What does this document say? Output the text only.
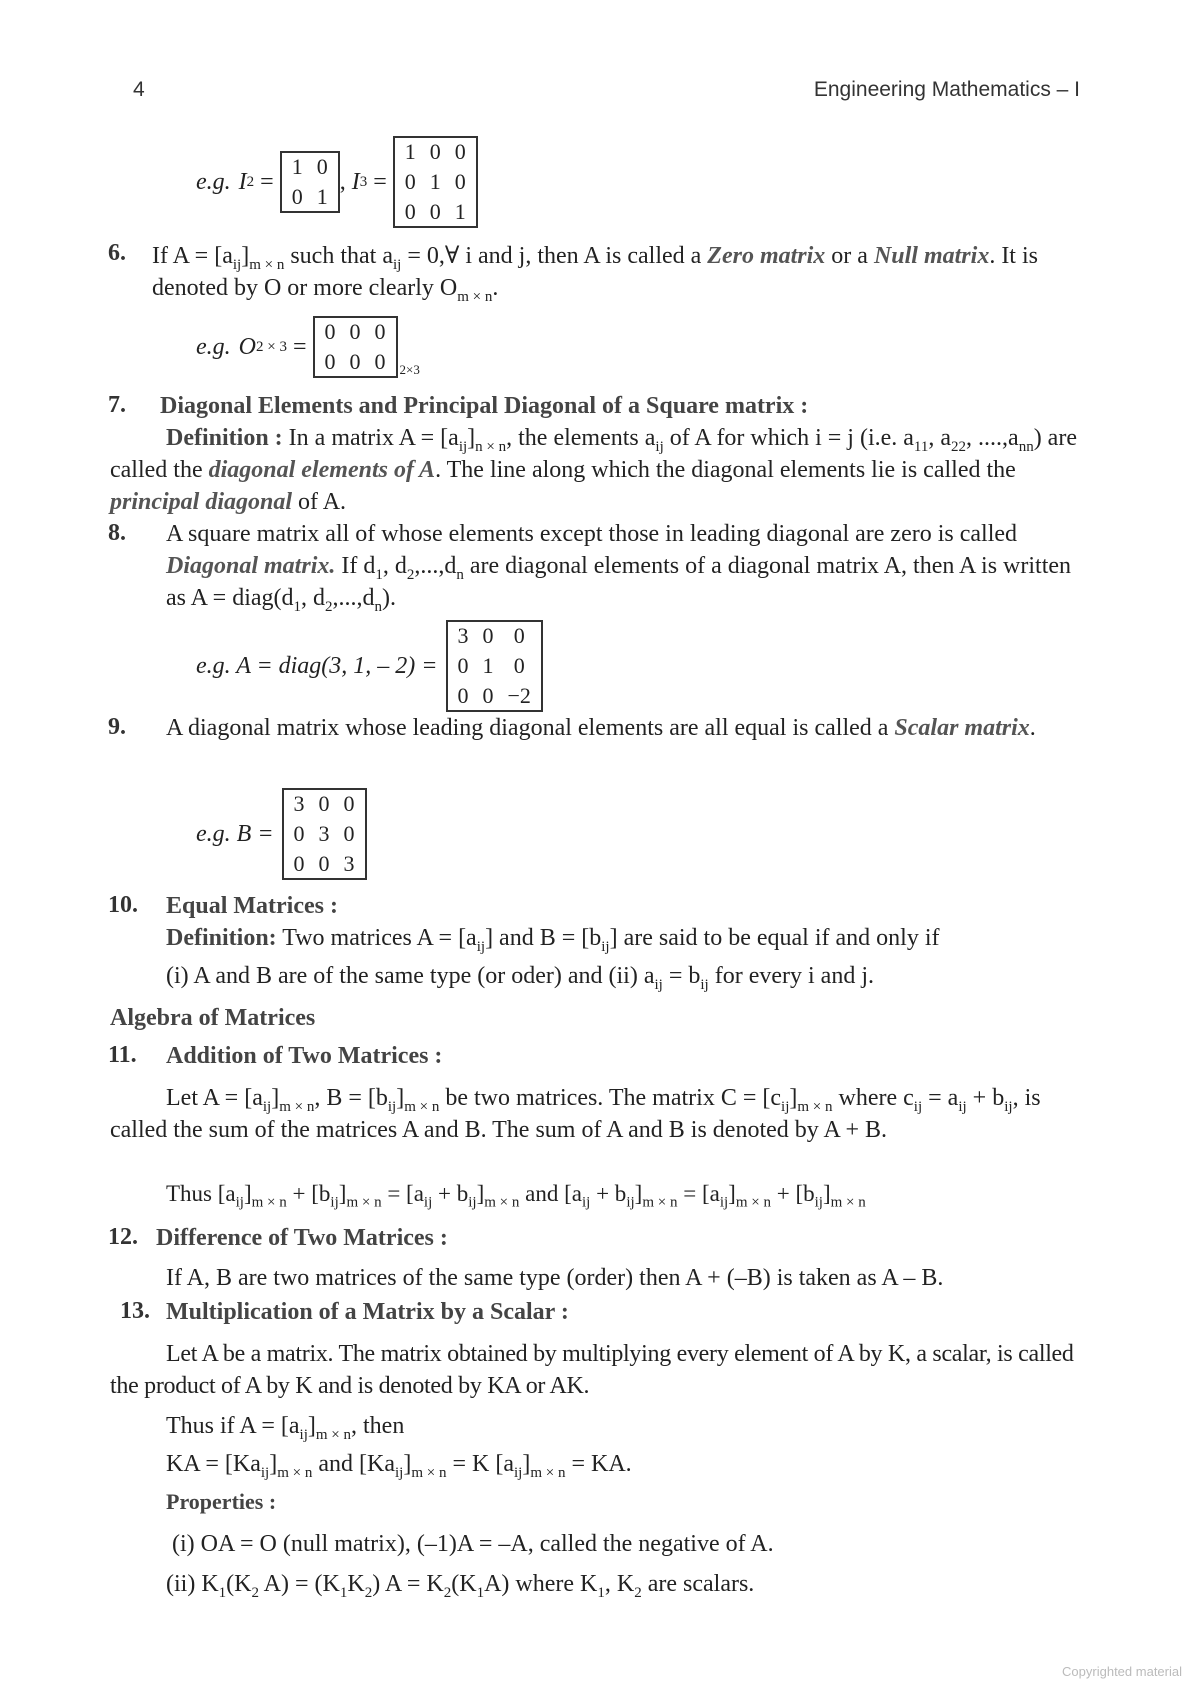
4	Engineering Mathematics – I
e.g. I 2 =
1 0
0 1
, I 3 =
1 0 0
0 1 0
0 0 1
6. If $A = [a_{ij}]_{m \times n}$ such that $a_{ij}$ = 0,∀ i and j, then A is called a Zero matrix or a Null matrix. It is denoted by O or more clearly $O_{m \times n}$.
e.g. O 2 × 3 =
0 0 0
0 0 0 2×3
7. Diagonal Elements and Principal Diagonal of a Square matrix :
Definition : In a matrix $A = [a_{ij}]_{n \times n}$, the elements $a_{ij}$ of A for which i = j (i.e. $a_{11}$, $a_{22}$, $....,a_{nn}$) are called the diagonal elements of A. The line along which the diagonal elements lie is called the principal diagonal of A.
8. A square matrix all of whose elements except those in leading diagonal are zero is called Diagonal matrix. If $d_1$, $d_2,...,d_n$ are diagonal elements of a diagonal matrix A, then A is written as $A = diag(d_1$, $d_2,...,d_n$).
e.g. A = diag(3, 1, – 2) =
3 0 0
0 1 0
0 0 −2
9. A diagonal matrix whose leading diagonal elements are all equal is called a Scalar matrix.
e.g. B =
3 0 0
0 3 0
0 0 3
10. Equal Matrices :
Definition: Two matrices $A = [a_{ij}]$ and $B = [b_{ij}]$ are said to be equal if and only if
(i) A and B are of the same type (or oder) and (ii) $a_{ij} = b_{ij}$ for every i and j.
Algebra of Matrices
11. Addition of Two Matrices :
Let $A = [a_{ij}]_{m \times n}$, $B = [b_{ij}]_{m \times n}$ be two matrices. The matrix $C = [c_{ij}]_{m \times n}$ where $c_{ij} = a_{ij} + b_{ij}$, is called the sum of the matrices A and B. The sum of A and B is denoted by A + B.
Thus $[a_{ij}]_{m \times n} + [b_{ij}]_{m \times n} = [a_{ij} + b_{ij}]_{m \times n}$ and $[a_{ij} + b_{ij}]_{m \times n} = [a_{ij}]_{m \times n} + [b_{ij}]_{m \times n}$
12. Difference of Two Matrices :
If A, B are two matrices of the same type (order) then A + (–B) is taken as A – B.
13. Multiplication of a Matrix by a Scalar :
Let A be a matrix. The matrix obtained by multiplying every element of A by K, a scalar, is called the product of A by K and is denoted by KA or AK.
Thus if $A = [a_{ij}]_{m \times n}$, then
KA = $[Ka_{ij}]_{m \times n}$ and $[Ka_{ij}]_{m \times n} = K$ $[a_{ij}]_{m \times n}$ = KA.
Properties :
(i) OA = O (null matrix), (–1)A = –A, called the negative of A.
(ii) $K_1(K_2$ $A) = (K_1K_2) A = K_2(K_1A)$ where $K_1$, $K_2$ are scalars.
Copyrighted material
